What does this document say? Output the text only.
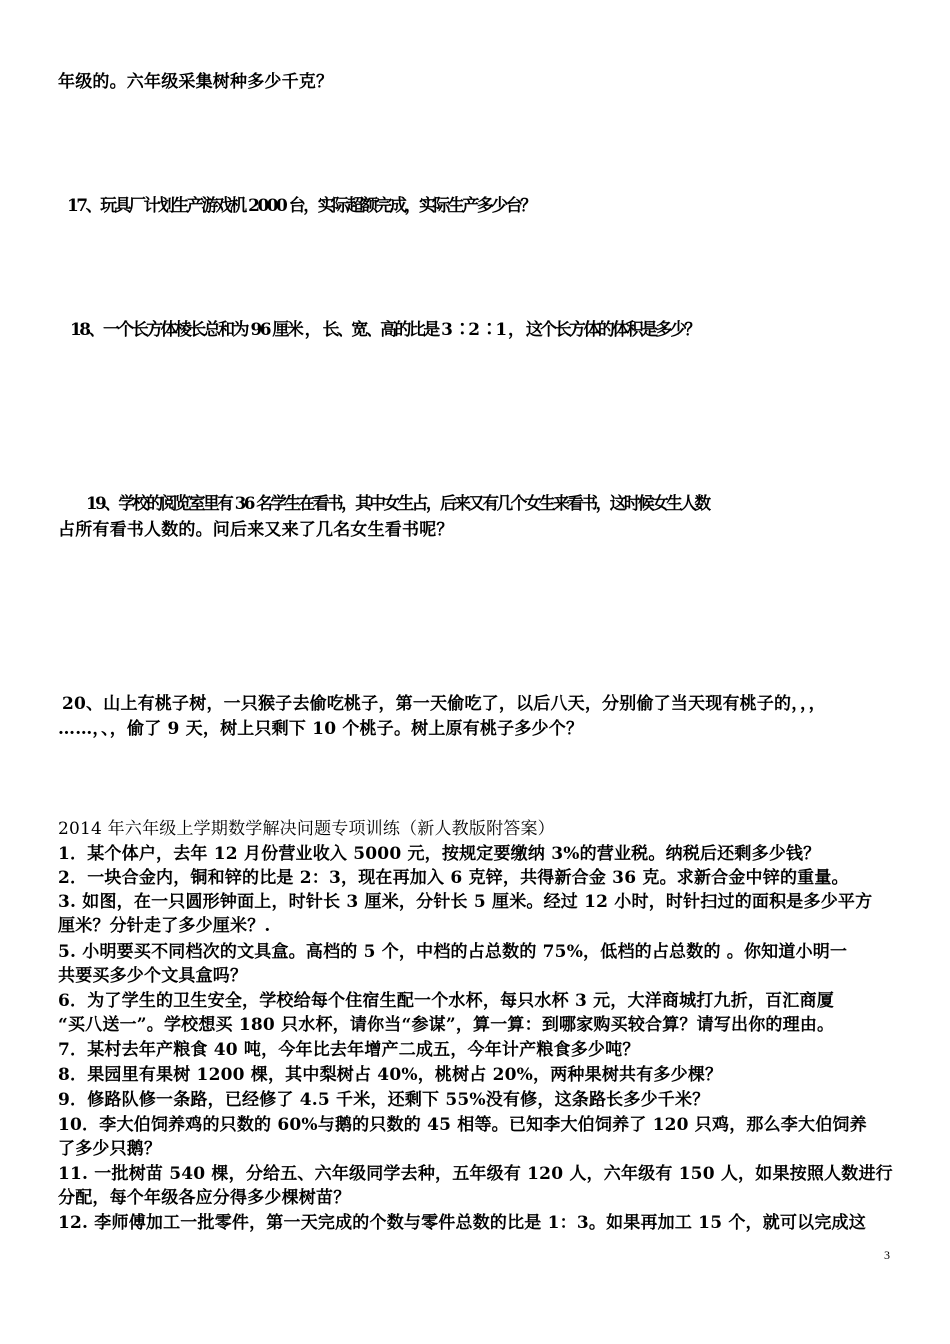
年级的。六年级采集树种多少千克？
17、玩具厂计划生产游戏机 2000 台，实际超额完成，实际生产多少台？
18、一个长方体棱长总和为 96 厘米 ， 长、宽、高的比是 3 ∶2 ∶1 ， 这个长方体的体积是多少？
19、学校的阅览室里有 36 名学生在看书，其中女生占，后来又有几个女生来看书，这时候女生人数
占所有看书人数的。问后来又来了几名女生看书呢？
20、山上有桃子树，一只猴子去偷吃桃子，第一天偷吃了，以后八天，分别偷了当天现有桃子的，，，
……，、，偷了 9 天，树上只剩下 10 个桃子。树上原有桃子多少个？
2014 年六年级上学期数学解决问题专项训练（新人教版附答案）
1．某个体户，去年 12 月份营业收入 5000 元，按规定要缴纳 3%的营业税。纳税后还剩多少钱？
2．一块合金内，铜和锌的比是 2：3，现在再加入 6 克锌，共得新合金 36 克。求新合金中锌的重量。
3. 如图，在一只圆形钟面上，时针长 3 厘米，分针长 5 厘米。经过 12 小时，时针扫过的面积是多少平方
厘米？分针走了多少厘米？.
5. 小明要买不同档次的文具盒。高档的 5 个，中档的占总数的 75%，低档的占总数的 。你知道小明一
共要买多少个文具盒吗？
6．为了学生的卫生安全，学校给每个住宿生配一个水杯，每只水杯 3 元，大洋商城打九折，百汇商厦
“买八送一”。学校想买 180 只水杯，请你当“参谋”，算一算：到哪家购买较合算？请写出你的理由。
7．某村去年产粮食 40 吨，今年比去年增产二成五，今年计产粮食多少吨？
8．果园里有果树 1200 棵，其中梨树占 40%，桃树占 20%，两种果树共有多少棵？
9．修路队修一条路，已经修了 4.5 千米，还剩下 55%没有修，这条路长多少千米？
10．李大伯饲养鸡的只数的 60%与鹅的只数的 45 相等。已知李大伯饲养了 120 只鸡，那么李大伯饲养
了多少只鹅？
11. 一批树苗 540 棵，分给五、六年级同学去种，五年级有 120 人，六年级有 150 人，如果按照人数进行
分配，每个年级各应分得多少棵树苗？
12. 李师傅加工一批零件，第一天完成的个数与零件总数的比是 1：3。如果再加工 15 个，就可以完成这
3
